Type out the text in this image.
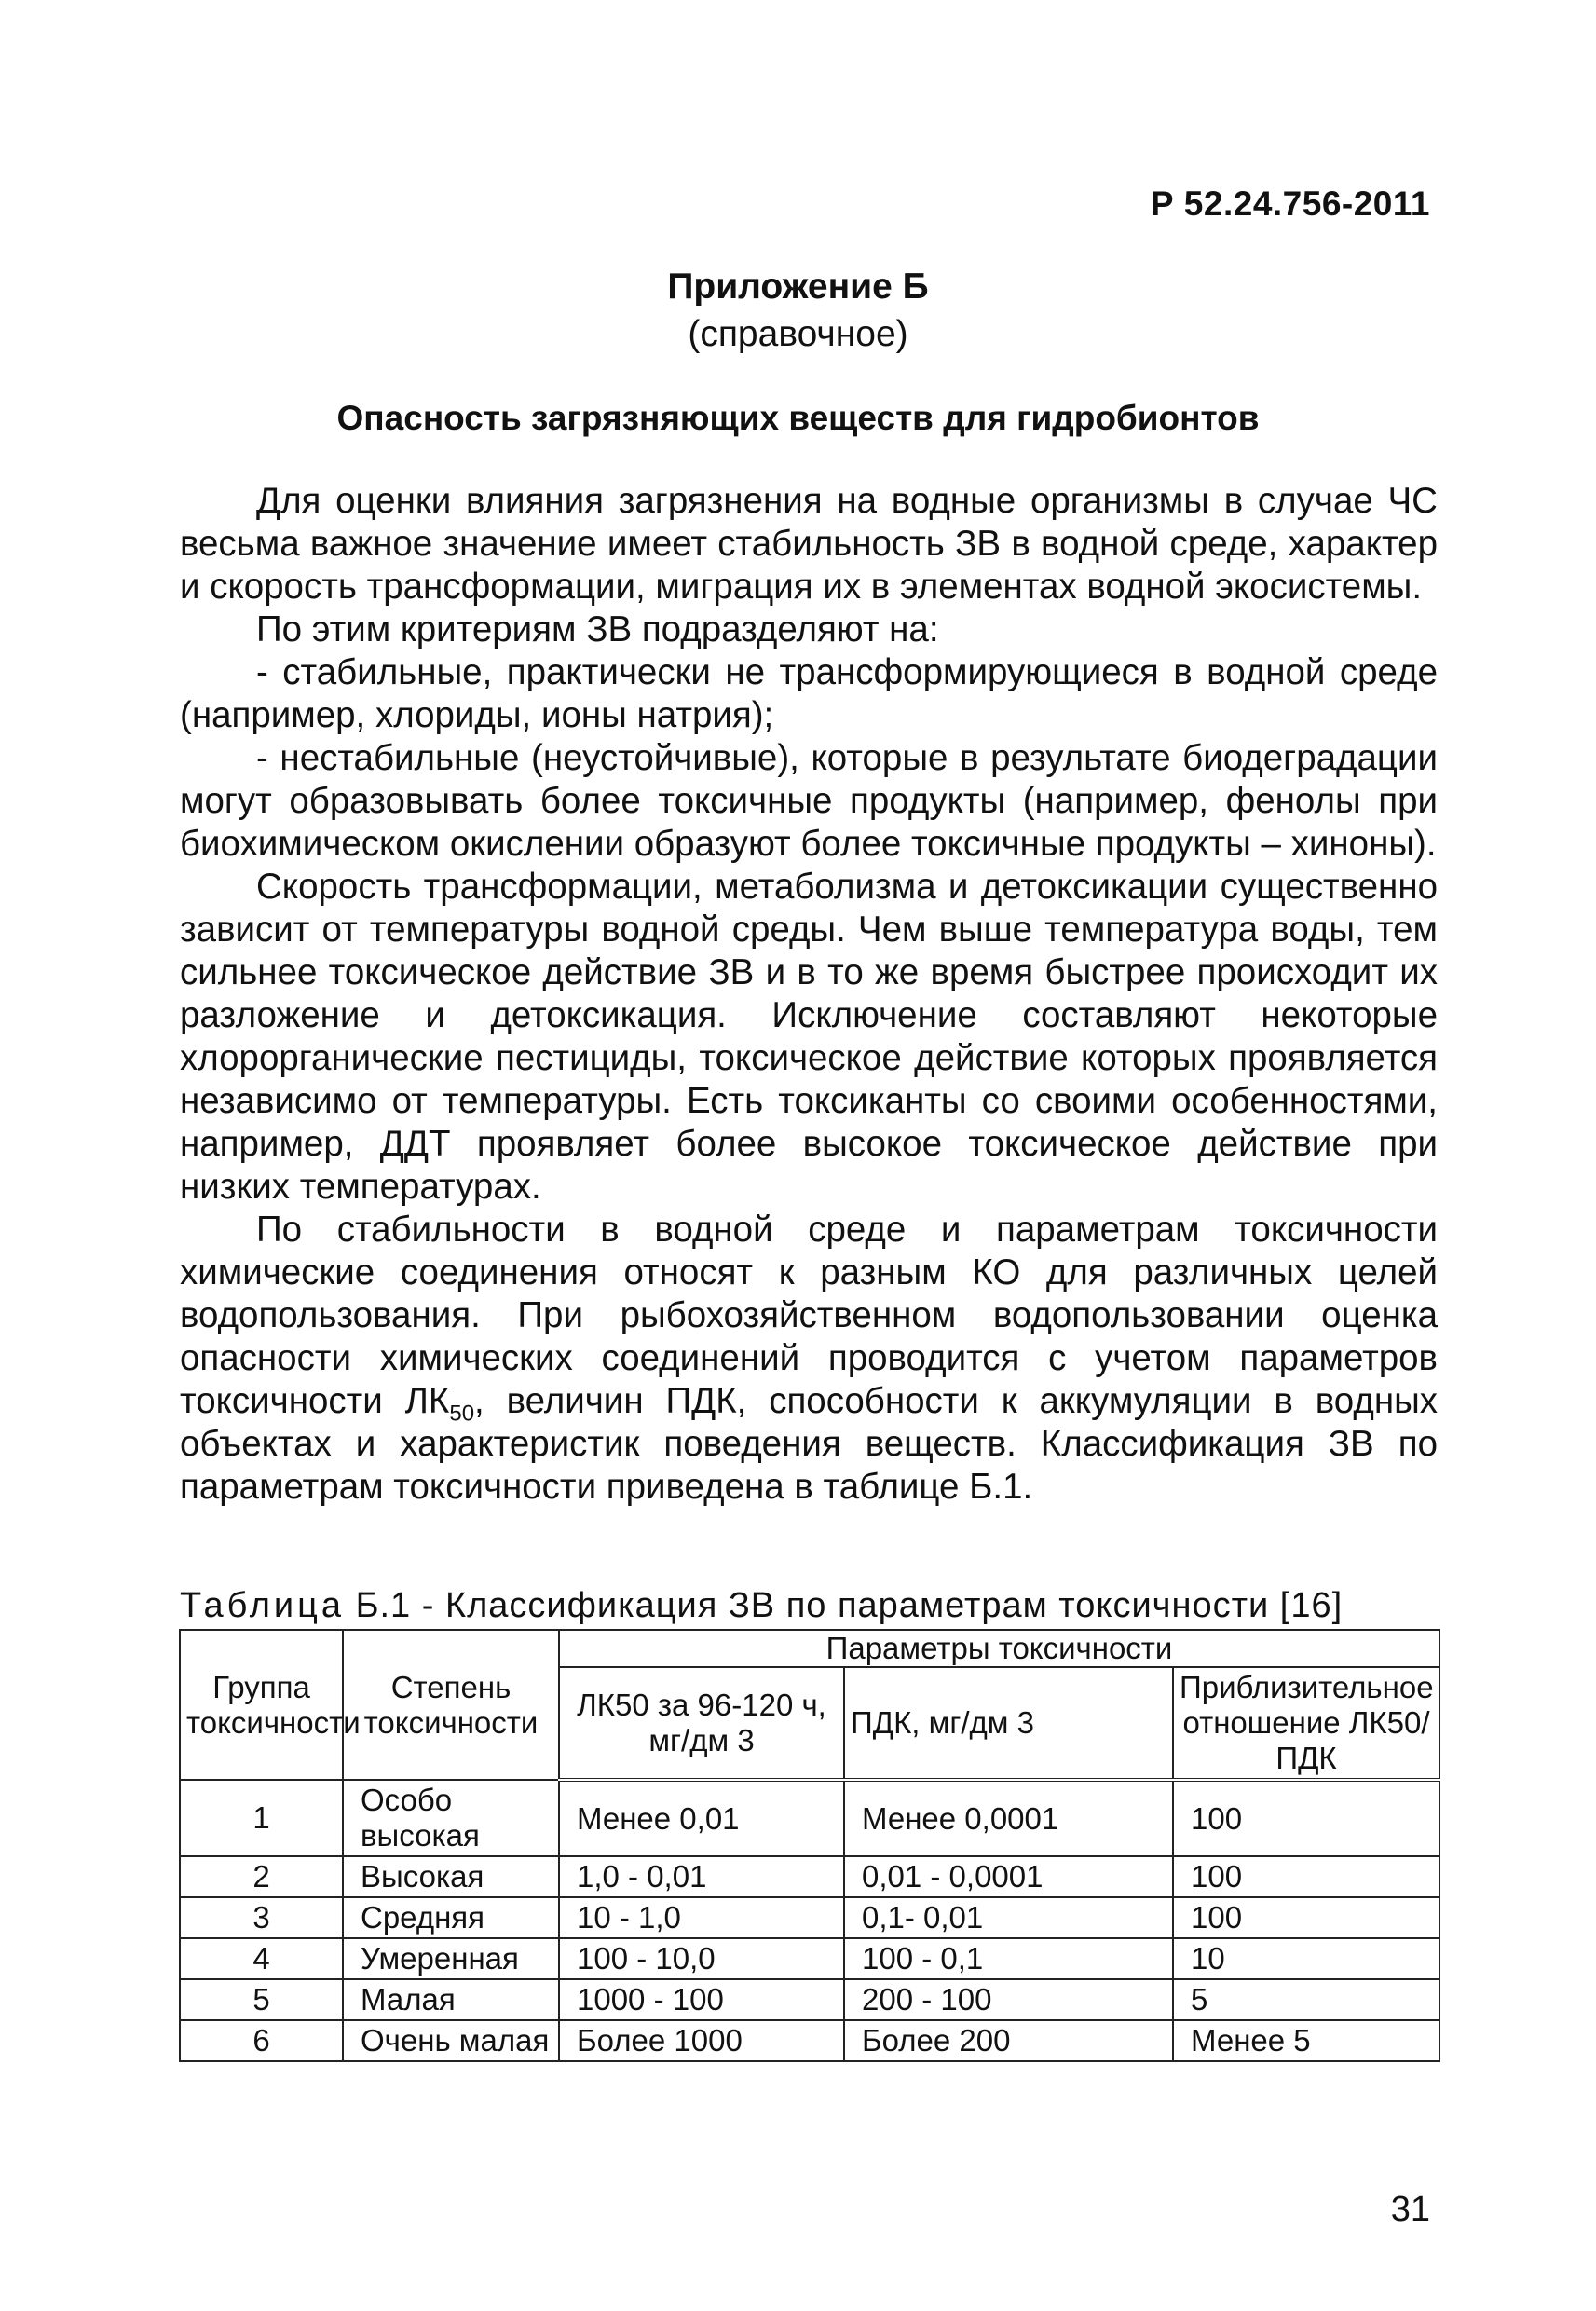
Р 52.24.756-2011
Приложение Б
(справочное)
Опасность загрязняющих веществ для гидробионтов

Для оценки влияния загрязнения на водные организмы в случае ЧС весьма важное значение имеет стабильность ЗВ в водной среде, характер и скорость трансформации, миграция их в элементах водной экосистемы.

По этим критериям ЗВ подразделяют на:

- стабильные, практически не трансформирующиеся в водной среде (например, хлориды, ионы натрия);

- нестабильные (неустойчивые), которые в результате биодеградации могут образовывать более токсичные продукты (например, фенолы при биохимическом окислении образуют более токсичные продукты – хиноны).

Скорость трансформации, метаболизма и детоксикации существенно зависит от температуры водной среды. Чем выше температура воды, тем сильнее токсическое действие ЗВ и в то же время быстрее происходит их разложение и детоксикация. Исключение составляют некоторые хлорорганические пестициды, токсическое действие которых проявляется независимо от температуры. Есть токсиканты со своими особенностями, например, ДДТ проявляет более высокое токсическое действие при низких температурах.

По стабильности в водной среде и параметрам токсичности химические соединения относят к разным КО для различных целей водопользования. При рыбохозяйственном водопользовании оценка опасности химических соединений проводится с учетом параметров токсичности $ЛК_{50}$, величин ПДК, способности к аккумуляции в водных объектах и характеристик поведения веществ. Классификация ЗВ по параметрам токсичности приведена в таблице Б.1.

Таблица Б.1 - Классификация ЗВ по параметрам токсичности [16]
Группа токсичности	Степень токсичности	Параметры токсичности		
		ЛК50 за 96-120 ч, мг/дм 3	ПДК, мг/дм 3	Приблизительное отношение ЛК50/ПДК
1	Особо высокая	Менее 0,01	Менее 0,0001	100
2	Высокая	1,0 - 0,01	0,01 - 0,0001	100
3	Средняя	10 - 1,0	0,1- 0,01	100
4	Умеренная	100 - 10,0	100 - 0,1	10
5	Малая	1000 - 100	200 - 100	5
6	Очень малая	Более 1000	Более 200	Менее 5
31
